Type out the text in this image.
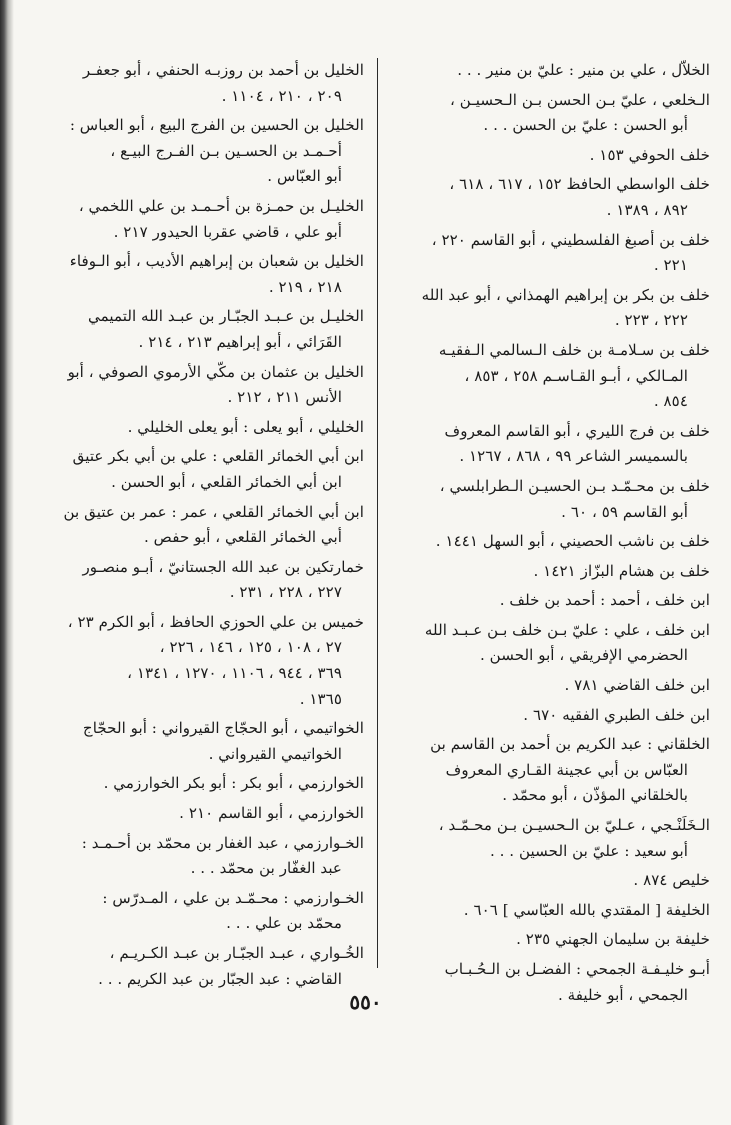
الخلاّل ، علي بن منير : عليّ بن منير . . .
الـخلعي ، عليّ بـن الحسن بـن الـحسيـن ،
أبو الحسن : عليّ بن الحسن . . .
خلف الحوفي ١٥٣ .
خلف الواسطي الحافظ ١٥٢ ، ٦١٧ ، ٦١٨ ،
٨٩٢ ، ١٣٨٩ .
خلف بن أصبغ الفلسطيني ، أبو القاسم ٢٢٠ ،
٢٢١ .
خلف بن بكر بن إبراهيم الهمذاني ، أبو عبد الله
٢٢٢ ، ٢٢٣ .
خلف بن سـلامـة بن خلف الـسالمي الـفقيـه
المـالكي ، أبـو القـاسـم ٢٥٨ ، ٨٥٣ ،
٨٥٤ .
خلف بن فرج الليري ، أبو القاسم المعروف
بالسميسر الشاعر ٩٩ ، ٨٦٨ ، ١٢٦٧ .
خلف بن محـمّـد بـن الحسيـن الـطرابلسي ،
أبو القاسم ٥٩ ، ٦٠ .
خلف بن ناشب الحصيني ، أبو السهل ١٤٤١ .
خلف بن هشام البزّاز ١٤٢١ .
ابن خلف ، أحمد : أحمد بن خلف .
ابن خلف ، علي : عليّ بـن خلف بـن عـبـد الله
الحضرمي الإفريقي ، أبو الحسن .
ابن خلف القاضي ٧٨١ .
ابن خلف الطبري الفقيه ٦٧٠ .
الخلقاني : عبد الكريم بن أحمد بن القاسم بن
العبّاس بن أبي عجينة القـاري المعروف
بالخلقاني المؤذّن ، أبو محمّد .
الـخَلَنْـجي ، عـليّ بن الـحسيـن بـن محـمّـد ،
أبو سعيد : عليّ بن الحسين . . .
خليص ٨٧٤ .
الخليفة [ المقتدي بالله العبّاسي ] ٦٠٦ .
خليفة بن سليمان الجهني ٢٣٥ .
أبـو خليـفـة الجمحي : الفضـل بن الـحُـبـاب
الجمحي ، أبو خليفة .
الخليل بن أحمد بن روزبـه الحنفي ، أبو جعفـر
٢٠٩ ، ٢١٠ ، ١١٠٤ .
الخليل بن الحسين بن الفرج البيع ، أبو العباس :
أحـمـد بن الحسـين بـن الفـرج البيـع ،
أبو العبّاس .
الخليـل بن حمـزة بن أحـمـد بن علي اللخمي ،
أبو علي ، قاضي عقربا الحيدور ٢١٧ .
الخليل بن شعبان بن إبراهيم الأديب ، أبو الـوفاء
٢١٨ ، ٢١٩ .
الخليـل بن عـبـد الجبّـار بن عبـد الله التميمي
القَرَائي ، أبو إبراهيم ٢١٣ ، ٢١٤ .
الخليل بن عثمان بن مكّي الأرموي الصوفي ، أبو
الأنس ٢١١ ، ٢١٢ .
الخليلي ، أبو يعلى : أبو يعلى الخليلي .
ابن أبي الخمائر القلعي : علي بن أبي بكر عتيق
ابن أبي الخمائر القلعي ، أبو الحسن .
ابن أبي الخمائر القلعي ، عمر : عمر بن عتيق بن
أبي الخمائر القلعي ، أبو حفص .
خمارتكين بن عبد الله الجستانيّ ، أبـو منصـور
٢٢٧ ، ٢٢٨ ، ٢٣١ .
خميس بن علي الحوزي الحافظ ، أبو الكرم ٢٣ ،
٢٧ ، ١٠٨ ، ١٢٥ ، ١٤٦ ، ٢٢٦ ،
٣٦٩ ، ٩٤٤ ، ١١٠٦ ، ١٢٧٠ ، ١٣٤١ ،
١٣٦٥ .
الخواتيمي ، أبو الحجّاج القيرواني : أبو الحجّاج
الخواتيمي القيرواني .
الخوارزمي ، أبو بكر : أبو بكر الخوارزمي .
الخوارزمي ، أبو القاسم ٢١٠ .
الخـوارزمي ، عبد الغفار بن محمّد بن أحـمـد :
عبد الغفّار بن محمّد . . .
الخـوارزمي : محـمّـد بن علي ، المـدرّس :
محمّد بن علي . . .
الخُـواري ، عبـد الجبّـار بن عبـد الكـريـم ،
القاضي : عبد الجبّار بن عبد الكريم . . .
٥٥٠
